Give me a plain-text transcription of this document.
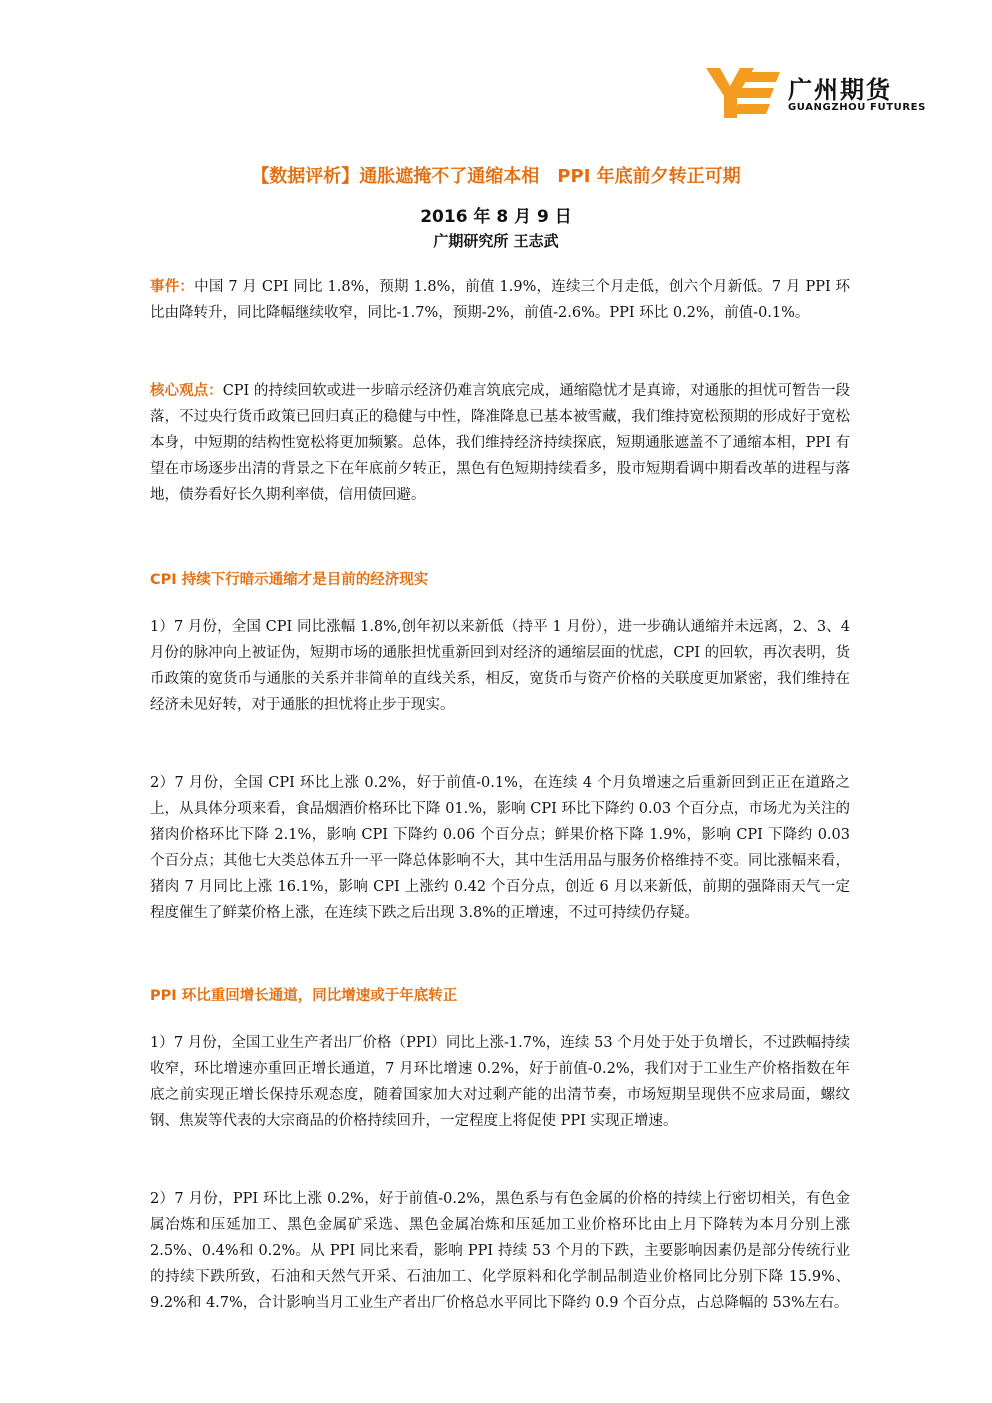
广州期货
GUANGZHOU FUTURES
【数据评析】通胀遮掩不了通缩本相　PPI 年底前夕转正可期
2016 年 8 月 9 日
广期研究所 王志武
事件：中国 7 月 CPI 同比 1.8%，预期 1.8%，前值 1.9%，连续三个月走低，创六个月新低。7 月 PPI 环比由降转升，同比降幅继续收窄，同比-1.7%，预期-2%，前值-2.6%。PPI 环比 0.2%，前值-0.1%。
核心观点：CPI 的持续回软或进一步暗示经济仍难言筑底完成，通缩隐忧才是真谛，对通胀的担忧可暂告一段落，不过央行货币政策已回归真正的稳健与中性，降准降息已基本被雪藏，我们维持宽松预期的形成好于宽松本身，中短期的结构性宽松将更加频繁。总体，我们维持经济持续探底，短期通胀遮盖不了通缩本相，PPI 有望在市场逐步出清的背景之下在年底前夕转正，黑色有色短期持续看多，股市短期看调中期看改革的进程与落地，债券看好长久期利率债，信用债回避。
CPI 持续下行暗示通缩才是目前的经济现实
1）7 月份，全国 CPI 同比涨幅 1.8%,创年初以来新低（持平 1 月份），进一步确认通缩并未远离，2、3、4 月份的脉冲向上被证伪，短期市场的通胀担忧重新回到对经济的通缩层面的忧虑，CPI 的回软，再次表明，货币政策的宽货币与通胀的关系并非简单的直线关系，相反，宽货币与资产价格的关联度更加紧密，我们维持在经济未见好转，对于通胀的担忧将止步于现实。
2）7 月份，全国 CPI 环比上涨 0.2%，好于前值-0.1%，在连续 4 个月负增速之后重新回到正正在道路之上，从具体分项来看，食品烟酒价格环比下降 01.%，影响 CPI 环比下降约 0.03 个百分点，市场尤为关注的猪肉价格环比下降 2.1%，影响 CPI 下降约 0.06 个百分点；鲜果价格下降 1.9%，影响 CPI 下降约 0.03 个百分点；其他七大类总体五升一平一降总体影响不大，其中生活用品与服务价格维持不变。同比涨幅来看，猪肉 7 月同比上涨 16.1%，影响 CPI 上涨约 0.42 个百分点，创近 6 月以来新低，前期的强降雨天气一定程度催生了鲜菜价格上涨，在连续下跌之后出现 3.8%的正增速，不过可持续仍存疑。
PPI 环比重回增长通道，同比增速或于年底转正
1）7 月份，全国工业生产者出厂价格（PPI）同比上涨-1.7%，连续 53 个月处于处于负增长，不过跌幅持续收窄，环比增速亦重回正增长通道，7 月环比增速 0.2%，好于前值-0.2%，我们对于工业生产价格指数在年底之前实现正增长保持乐观态度，随着国家加大对过剩产能的出清节奏，市场短期呈现供不应求局面，螺纹钢、焦炭等代表的大宗商品的价格持续回升，一定程度上将促使 PPI 实现正增速。
2）7 月份，PPI 环比上涨 0.2%，好于前值-0.2%，黑色系与有色金属的价格的持续上行密切相关，有色金属冶炼和压延加工、黑色金属矿采选、黑色金属冶炼和压延加工业价格环比由上月下降转为本月分别上涨 2.5%、0.4%和 0.2%。从 PPI 同比来看，影响 PPI 持续 53 个月的下跌，主要影响因素仍是部分传统行业的持续下跌所致，石油和天然气开采、石油加工、化学原料和化学制品制造业价格同比分别下降 15.9%、9.2%和 4.7%，合计影响当月工业生产者出厂价格总水平同比下降约 0.9 个百分点，占总降幅的 53%左右。
